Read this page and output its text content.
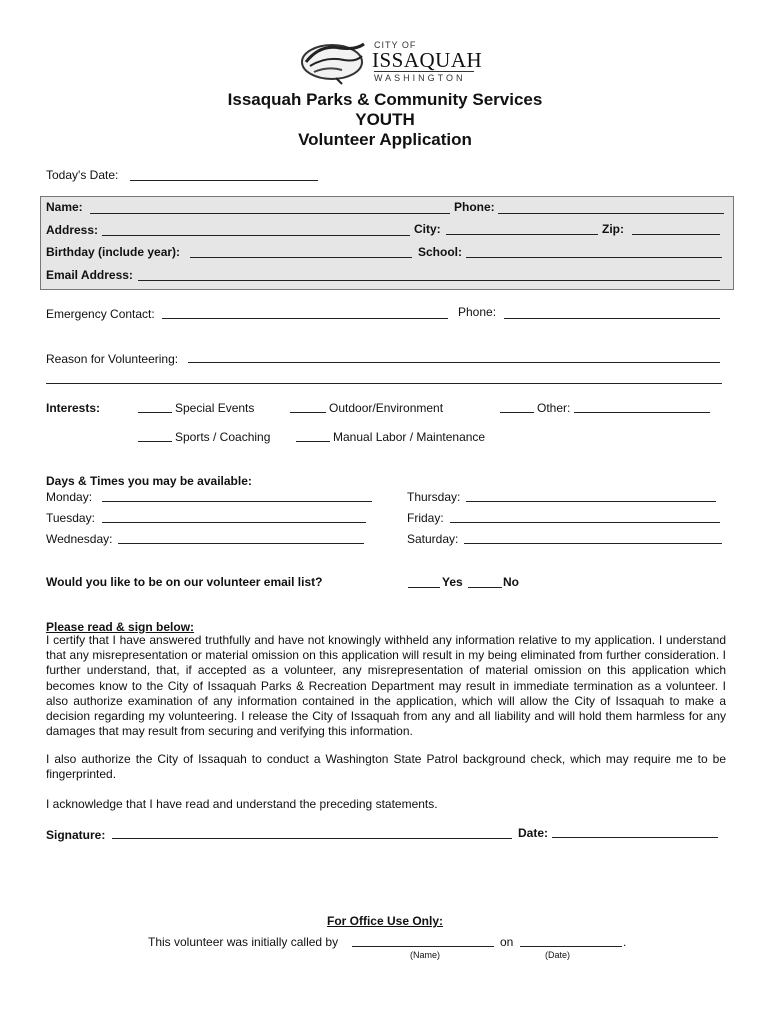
CITY OF
ISSAQUAH
WASHINGTON
Issaquah Parks & Community Services
YOUTH
Volunteer Application
Today's Date:
Name:	Phone:
Address:	City:	Zip:
Birthday (include year):	School:
Email Address:
Emergency Contact:	Phone:
Reason for Volunteering:
Interests:	Special Events	Outdoor/Environment	Other:
Sports / Coaching	Manual Labor / Maintenance
Days & Times you may be available:
Monday:
Tuesday:
Wednesday:
Thursday:
Friday:
Saturday:
Would you like to be on our volunteer email list?	Yes	No
Please read & sign below:
I certify that I have answered truthfully and have not knowingly withheld any information relative to my application. I understand that any misrepresentation or material omission on this application will result in my being eliminated from further consideration. I further understand, that, if accepted as a volunteer, any misrepresentation of material omission on this application which becomes know to the City of Issaquah Parks & Recreation Department may result in immediate termination as a volunteer. I also authorize examination of any information contained in the application, which will allow the City of Issaquah to make a decision regarding my volunteering. I release the City of Issaquah from any and all liability and will hold them harmless for any damages that may result from securing and verifying this information.
I also authorize the City of Issaquah to conduct a Washington State Patrol background check, which may require me to be fingerprinted.
I acknowledge that I have read and understand the preceding statements.
Signature:	Date:
For Office Use Only:
This volunteer was initially called by	on	.
(Name)	(Date)
